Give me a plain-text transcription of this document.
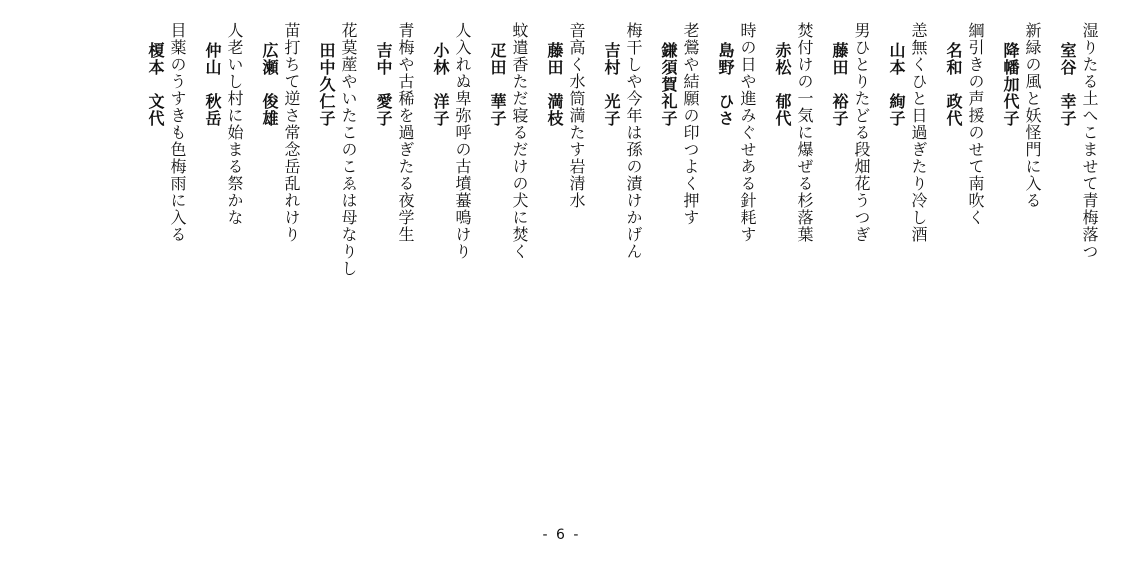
湿りたる土へこませて青梅落つ
室谷　幸子
新緑の風と妖怪門に入る
降幡加代子
綱引きの声援のせて南吹く
名和　政代
恙無くひと日過ぎたり冷し酒
山本　絢子
男ひとりたどる段畑花うつぎ
藤田　裕子
焚付けの一気に爆ぜる杉落葉
赤松　郁代
時の日や進みぐせある針耗す
島野　ひさ
老鶯や結願の印つよく押す
鎌須賀礼子
梅干しや今年は孫の漬けかげん
吉村　光子
音高く水筒満たす岩清水
藤田　満枝
蚊遣香ただ寝るだけの犬に焚く
疋田　華子
人入れぬ卑弥呼の古墳蟇鳴けり
小林　洋子
青梅や古稀を過ぎたる夜学生
吉中　愛子
花莫蓙やいたこのこゑは母なりし
田中久仁子
苗打ちて逆さ常念岳乱れけり
広瀬　俊雄
人老いし村に始まる祭かな
仲山　秋岳
目薬のうすきも色梅雨に入る
榎本　文代
- 6 -
